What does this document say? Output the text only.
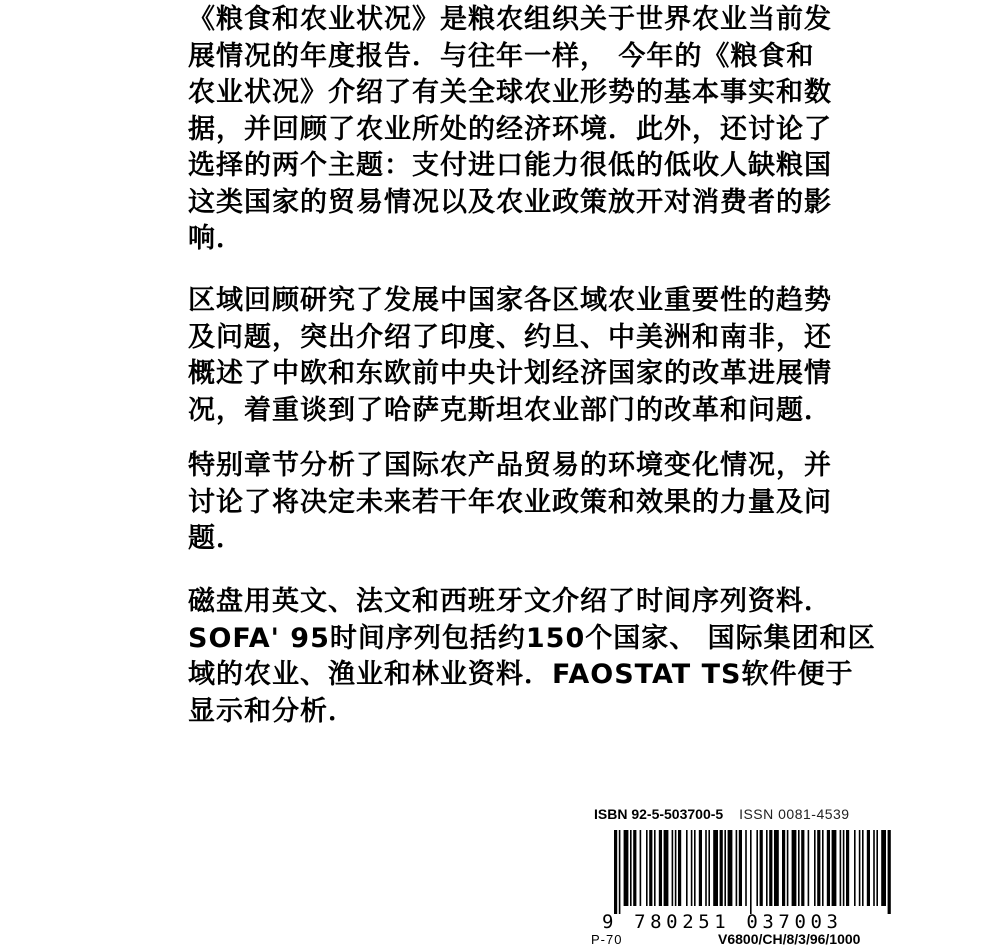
《粮食和农业状况》是粮农组织关于世界农业当前发
展情况的年度报告．与往年一样， 今年的《粮食和
农业状况》介绍了有关全球农业形势的基本事实和数
据，并回顾了农业所处的经济环境．此外，还讨论了
选择的两个主题：支付进口能力很低的低收人缺粮国
这类国家的贸易情况以及农业政策放开对消费者的影
响．
区域回顾研究了发展中国家各区域农业重要性的趋势
及问题，突出介绍了印度、约旦、中美洲和南非，还
概述了中欧和东欧前中央计划经济国家的改革进展情
况，着重谈到了哈萨克斯坦农业部门的改革和问题．
特别章节分析了国际农产品贸易的环境变化情况，并
讨论了将决定未来若干年农业政策和效果的力量及问
题．
磁盘用英文、法文和西班牙文介绍了时间序列资料．
SOFA' 95时间序列包括约150个国家、 国际集团和区
域的农业、渔业和林业资料．FAOSTAT TS软件便于
显示和分析．
ISBN 92-5-503700-5 ISSN 0081-4539
9 780251 037003
P-70	V6800/CH/8/3/96/1000
